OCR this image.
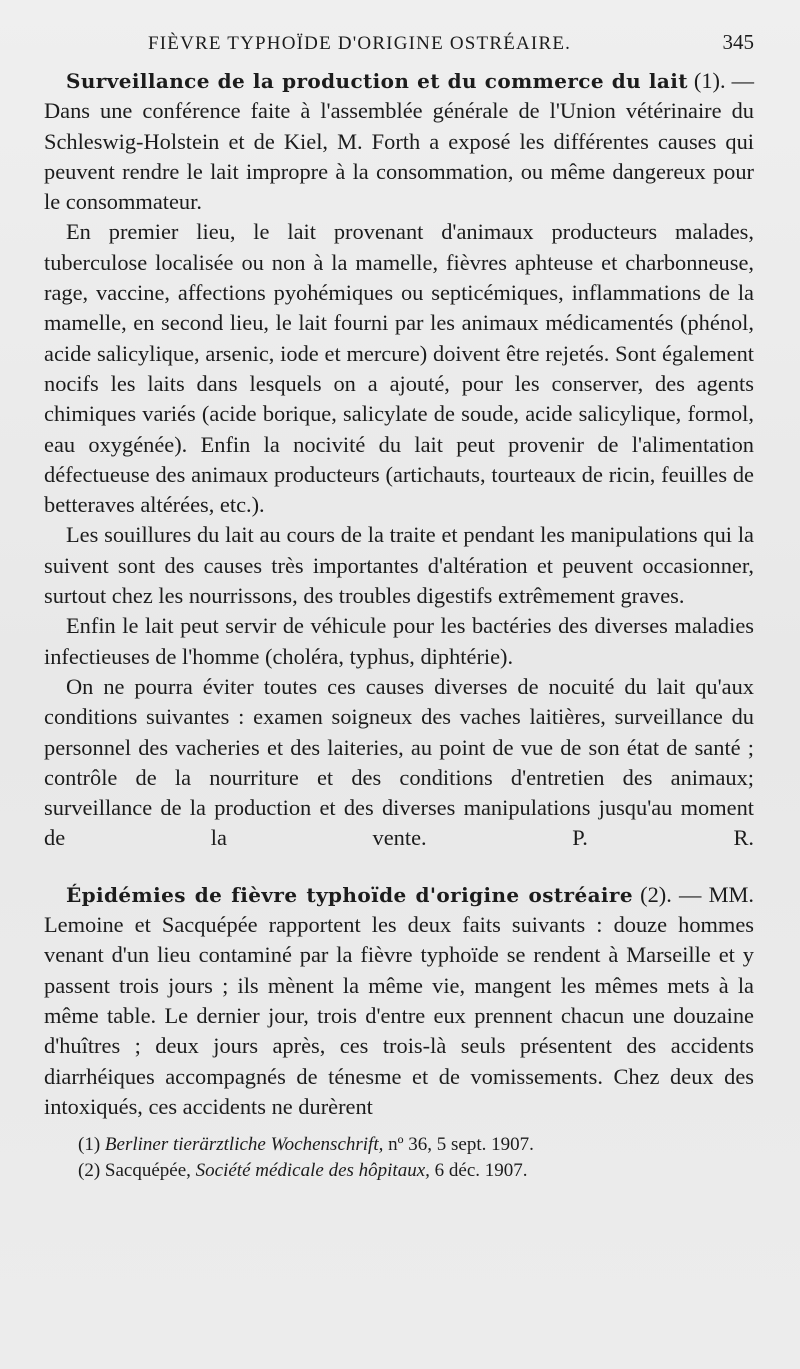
FIÈVRE TYPHOÏDE D'ORIGINE OSTRÉAIRE.	345

Surveillance de la production et du commerce du lait (1). — Dans une conférence faite à l'assemblée générale de l'Union vétérinaire du Schleswig-Holstein et de Kiel, M. Forth a exposé les différentes causes qui peuvent rendre le lait impropre à la consommation, ou même dangereux pour le consommateur.

En premier lieu, le lait provenant d'animaux producteurs malades, tuberculose localisée ou non à la mamelle, fièvres aphteuse et charbonneuse, rage, vaccine, affections pyohémiques ou septicémiques, inflammations de la mamelle, en second lieu, le lait fourni par les animaux médicamentés (phénol, acide salicylique, arsenic, iode et mercure) doivent être rejetés. Sont également nocifs les laits dans lesquels on a ajouté, pour les conserver, des agents chimiques variés (acide borique, salicylate de soude, acide salicylique, formol, eau oxygénée). Enfin la nocivité du lait peut provenir de l'alimentation défectueuse des animaux producteurs (artichauts, tourteaux de ricin, feuilles de betteraves altérées, etc.).

Les souillures du lait au cours de la traite et pendant les manipulations qui la suivent sont des causes très importantes d'altération et peuvent occasionner, surtout chez les nourrissons, des troubles digestifs extrêmement graves.

Enfin le lait peut servir de véhicule pour les bactéries des diverses maladies infectieuses de l'homme (choléra, typhus, diphtérie).

On ne pourra éviter toutes ces causes diverses de nocuité du lait qu'aux conditions suivantes : examen soigneux des vaches laitières, surveillance du personnel des vacheries et des laiteries, au point de vue de son état de santé ; contrôle de la nourriture et des conditions d'entretien des animaux; surveillance de la production et des diverses manipulations jusqu'au moment de la vente.	P. R.

Épidémies de fièvre typhoïde d'origine ostréaire (2). — MM. Lemoine et Sacquépée rapportent les deux faits suivants : douze hommes venant d'un lieu contaminé par la fièvre typhoïde se rendent à Marseille et y passent trois jours ; ils mènent la même vie, mangent les mêmes mets à la même table. Le dernier jour, trois d'entre eux prennent chacun une douzaine d'huîtres ; deux jours après, ces trois-là seuls présentent des accidents diarrhéiques accompagnés de ténesme et de vomissements. Chez deux des intoxiqués, ces accidents ne durèrent

(1) Berliner tierärztliche Wochenschrift, nº 36, 5 sept. 1907.

(2) Sacquépée, Société médicale des hôpitaux, 6 déc. 1907.
